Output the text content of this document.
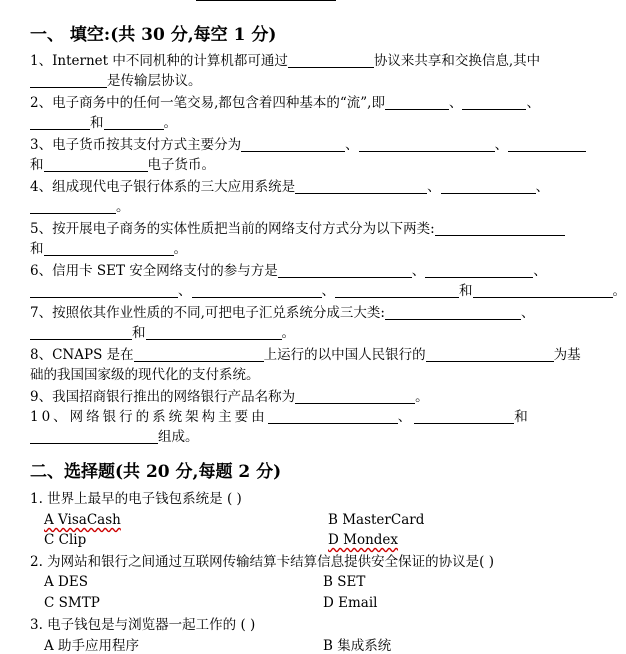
一、 填空:(共 30 分,每空 1 分)
1、Internet 中不同机种的计算机都可通过	协议来共享和交换信息,其中
是传输层协议。
2、电子商务中的任何一笔交易,都包含着四种基本的“流”,即	、	、
和	。
3、电子货币按其支付方式主要分为	、	、
和	电子货币。
4、组成现代电子银行体系的三大应用系统是	、	、
。
5、按开展电子商务的实体性质把当前的网络支付方式分为以下两类:
和	。
6、信用卡 SET 安全网络支付的参与方是	、	、
、	、	和	。
7、按照依其作业性质的不同,可把电子汇兑系统分成三大类:	、
和	。
8、CNAPS 是在	上运行的以中国人民银行的	为基
础的我国国家级的现代化的支付系统。
9、我国招商银行推出的网络银行产品名称为	。
10、网络银行的系统架构主要由	、	和
组成。
二、选择题(共 20 分,每题 2 分)
1. 世界上最早的电子钱包系统是 ( )
A VisaCash	B MasterCard
C Clip	D Mondex
2. 为网站和银行之间通过互联网传输结算卡结算信息提供安全保证的协议是( )
A DES	B SET
C SMTP	D Email
3. 电子钱包是与浏览器一起工作的 ( )
A 助手应用程序	B 集成系统
